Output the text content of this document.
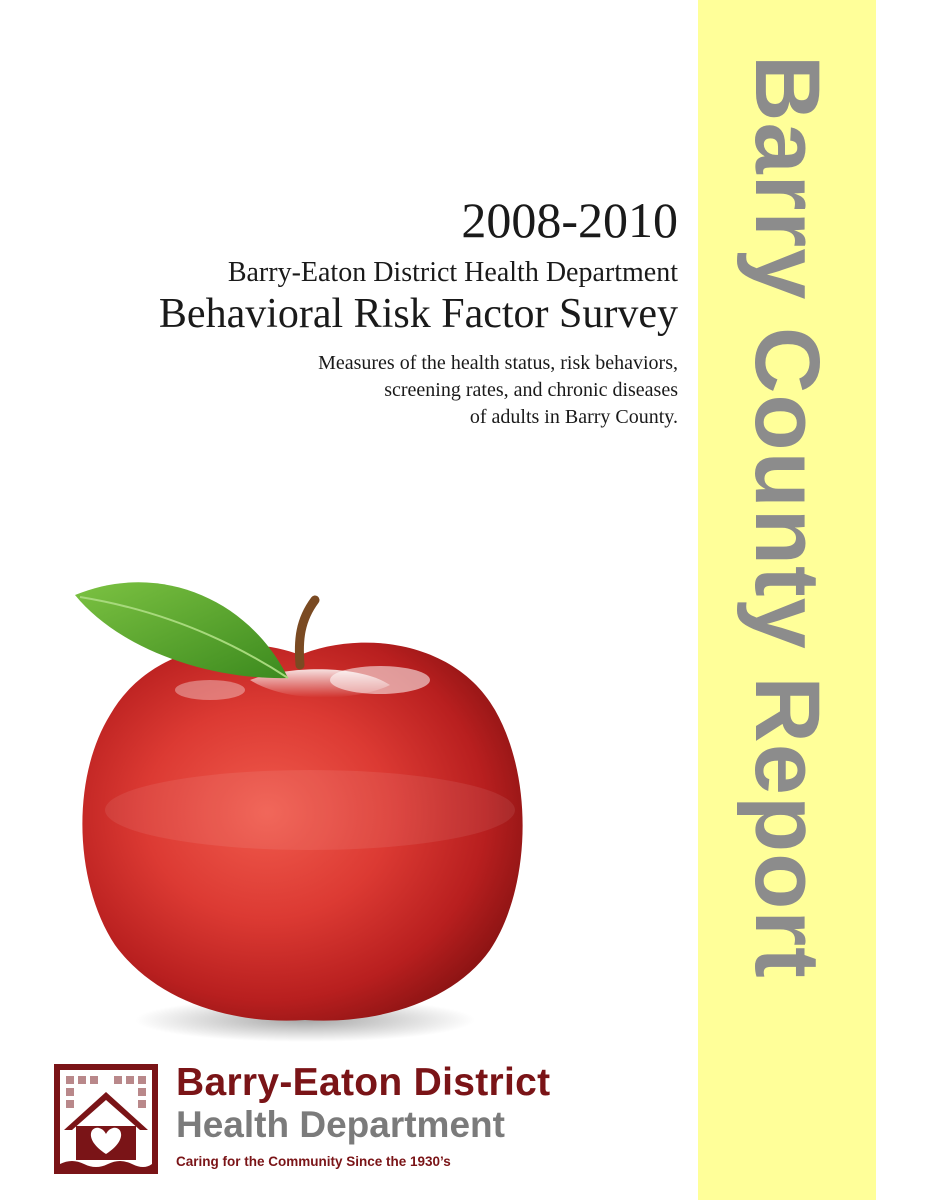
Barry County Report
2008-2010
Barry-Eaton District Health Department
Behavioral Risk Factor Survey
Measures of the health status, risk behaviors,
screening rates, and chronic diseases
of adults in Barry County.
Barry-Eaton District
Health Department
Caring for the Community Since the 1930’s
